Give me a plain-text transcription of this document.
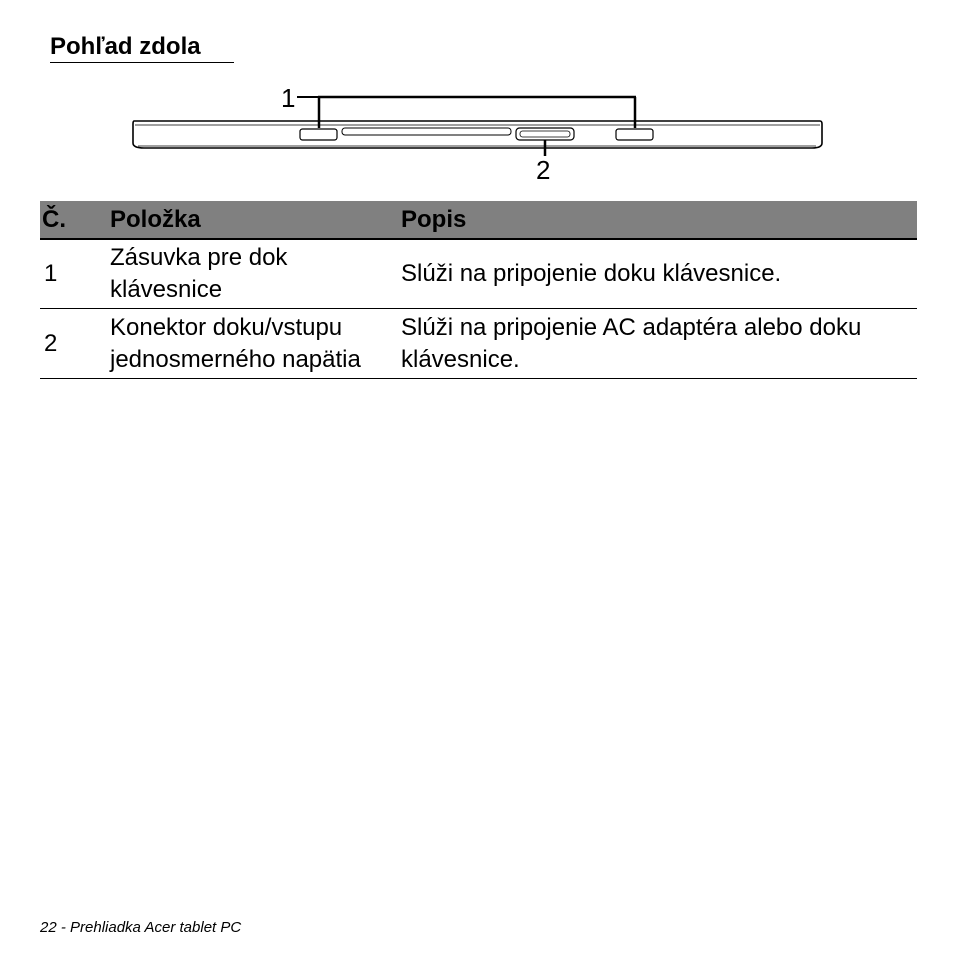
Pohľad zdola
1
2
Č.	Položka	Popis
1
Zásuvka pre dok
klávesnice
Slúži na pripojenie doku klávesnice.
2
Konektor doku/vstupu
jednosmerného napätia
Slúži na pripojenie AC adaptéra alebo doku
klávesnice.
22 - Prehliadka Acer tablet PC
